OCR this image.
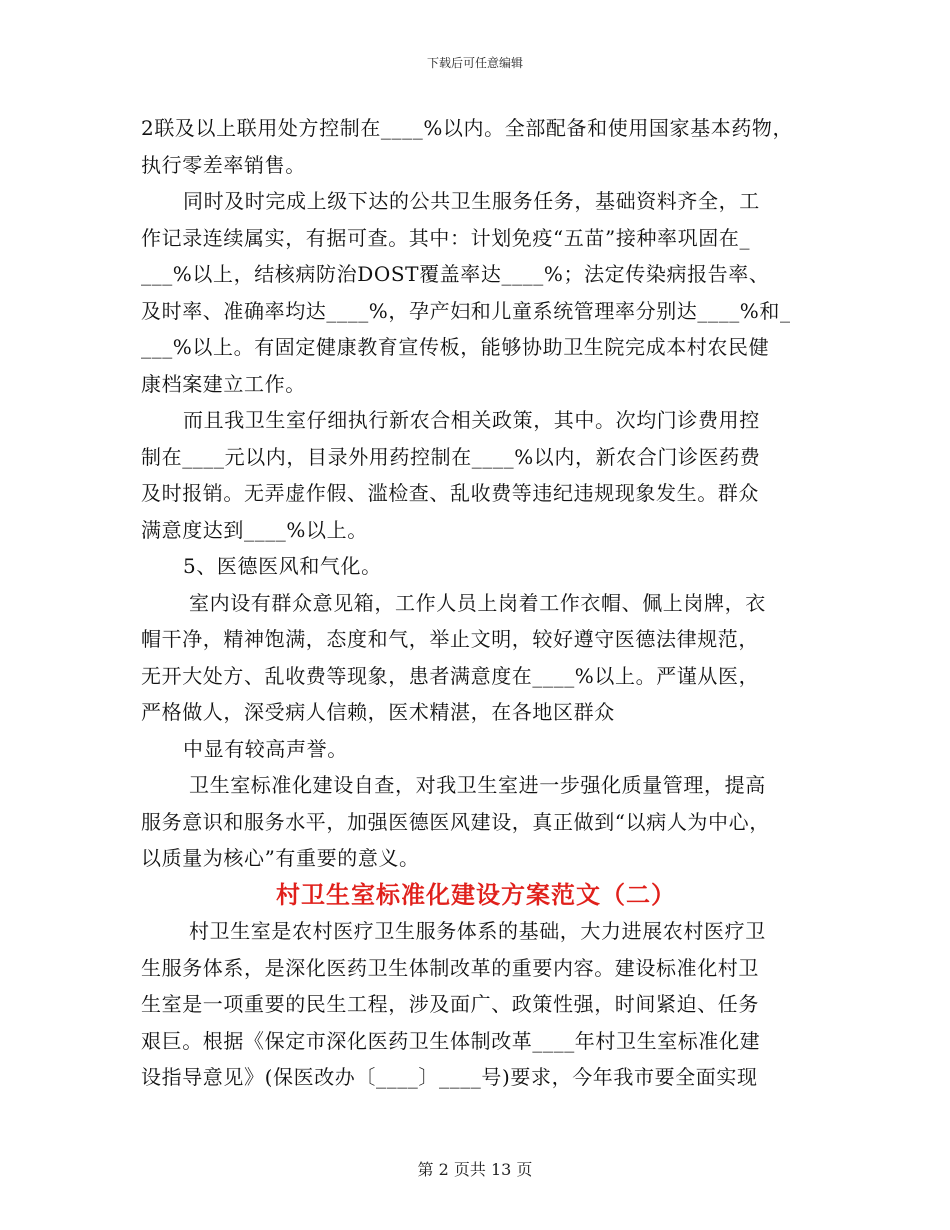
下载后可任意编辑
2联及以上联用处方控制在____%以内。全部配备和使用国家基本药物，
执行零差率销售。
同时及时完成上级下达的公共卫生服务任务，基础资料齐全，工
作记录连续属实，有据可查。其中：计划免疫“五苗”接种率巩固在_
___%以上，结核病防治DOST覆盖率达____%；法定传染病报告率、
及时率、准确率均达____%，孕产妇和儿童系统管理率分别达____%和_
___%以上。有固定健康教育宣传板，能够协助卫生院完成本村农民健
康档案建立工作。
而且我卫生室仔细执行新农合相关政策，其中。次均门诊费用控
制在____元以内，目录外用药控制在____%以内，新农合门诊医药费
及时报销。无弄虚作假、滥检查、乱收费等违纪违规现象发生。群众
满意度达到____%以上。
5、医德医风和气化。
室内设有群众意见箱，工作人员上岗着工作衣帽、佩上岗牌，衣
帽干净，精神饱满，态度和气，举止文明，较好遵守医德法律规范，
无开大处方、乱收费等现象，患者满意度在____%以上。严谨从医，
严格做人，深受病人信赖，医术精湛，在各地区群众
中显有较高声誉。
卫生室标准化建设自查，对我卫生室进一步强化质量管理，提高
服务意识和服务水平，加强医德医风建设，真正做到“以病人为中心，
以质量为核心”有重要的意义。
村卫生室标准化建设方案范文（二）
村卫生室是农村医疗卫生服务体系的基础，大力进展农村医疗卫
生服务体系，是深化医药卫生体制改革的重要内容。建设标准化村卫
生室是一项重要的民生工程，涉及面广、政策性强，时间紧迫、任务
艰巨。根据《保定市深化医药卫生体制改革____年村卫生室标准化建
设指导意见》(保医改办〔____〕____号)要求，今年我市要全面实现
第 2 页共 13 页
